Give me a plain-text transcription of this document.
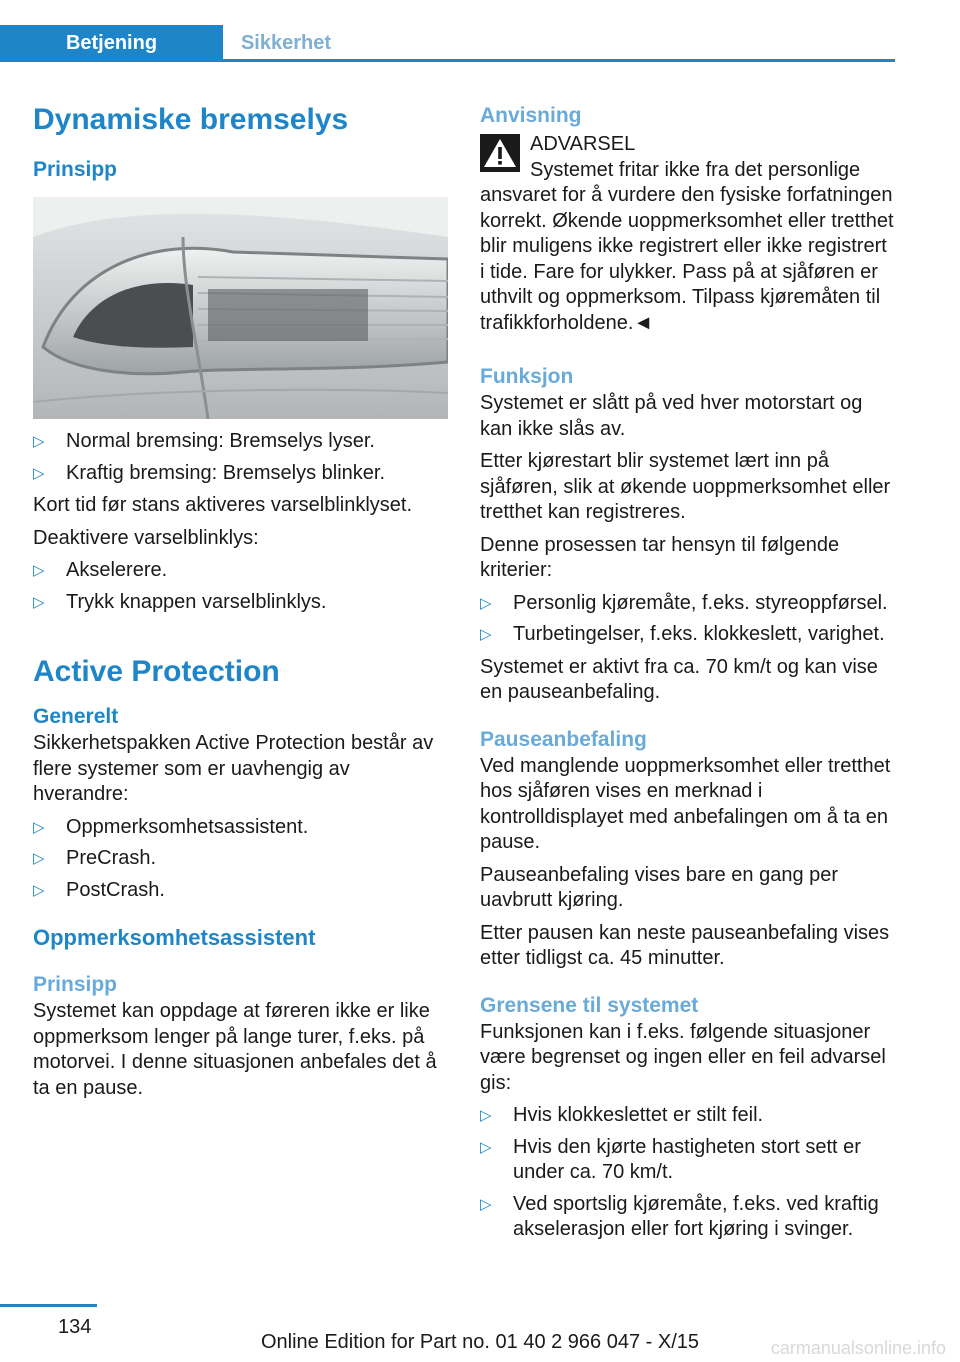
Betjening	Sikkerhet
Dynamiske bremselys
Prinsipp
▷ Normal bremsing: Bremselys lyser.
▷ Kraftig bremsing: Bremselys blinker.

Kort tid før stans aktiveres varselblinklyset.

Deaktivere varselblinklys:

▷ Akselerere.
▷ Trykk knappen varselblinklys.
Active Protection
Generelt

Sikkerhetspakken Active Protection består av flere systemer som er uavhengig av hverandre:

▷ Oppmerksomhetsassistent.
▷ PreCrash.
▷ PostCrash.
Oppmerksomhetsassistent
Prinsipp

Systemet kan oppdage at føreren ikke er like oppmerksom lenger på lange turer, f.eks. på motorvei. I denne situasjonen anbefales det å ta en pause.

Anvisning

ADVARSEL

Systemet fritar ikke fra det personlige ansvaret for å vurdere den fysiske forfatningen korrekt. Økende uoppmerksomhet eller tretthet blir muligens ikke registrert eller ikke registrert i tide. Fare for ulykker. Pass på at sjåføren er uthvilt og oppmerksom. Tilpass kjøremåten til trafikkforholdene.◄

Funksjon

Systemet er slått på ved hver motorstart og kan ikke slås av.

Etter kjørestart blir systemet lært inn på sjåføren, slik at økende uoppmerksomhet eller tretthet kan registreres.

Denne prosessen tar hensyn til følgende kriterier:

▷ Personlig kjøremåte, f.eks. styreoppførsel.
▷ Turbetingelser, f.eks. klokkeslett, varighet.

Systemet er aktivt fra ca. 70 km/t og kan vise en pauseanbefaling.

Pauseanbefaling

Ved manglende uoppmerksomhet eller tretthet hos sjåføren vises en merknad i kontrolldisplayet med anbefalingen om å ta en pause.

Pauseanbefaling vises bare en gang per uavbrutt kjøring.

Etter pausen kan neste pauseanbefaling vises etter tidligst ca. 45 minutter.

Grensene til systemet

Funksjonen kan i f.eks. følgende situasjoner være begrenset og ingen eller en feil advarsel gis:

▷ Hvis klokkeslettet er stilt feil.
▷ Hvis den kjørte hastigheten stort sett er under ca. 70 km/t.
▷ Ved sportslig kjøremåte, f.eks. ved kraftig akselerasjon eller fort kjøring i svinger.
134
Online Edition for Part no. 01 40 2 966 047 - X/15	carmanualsonline.info
